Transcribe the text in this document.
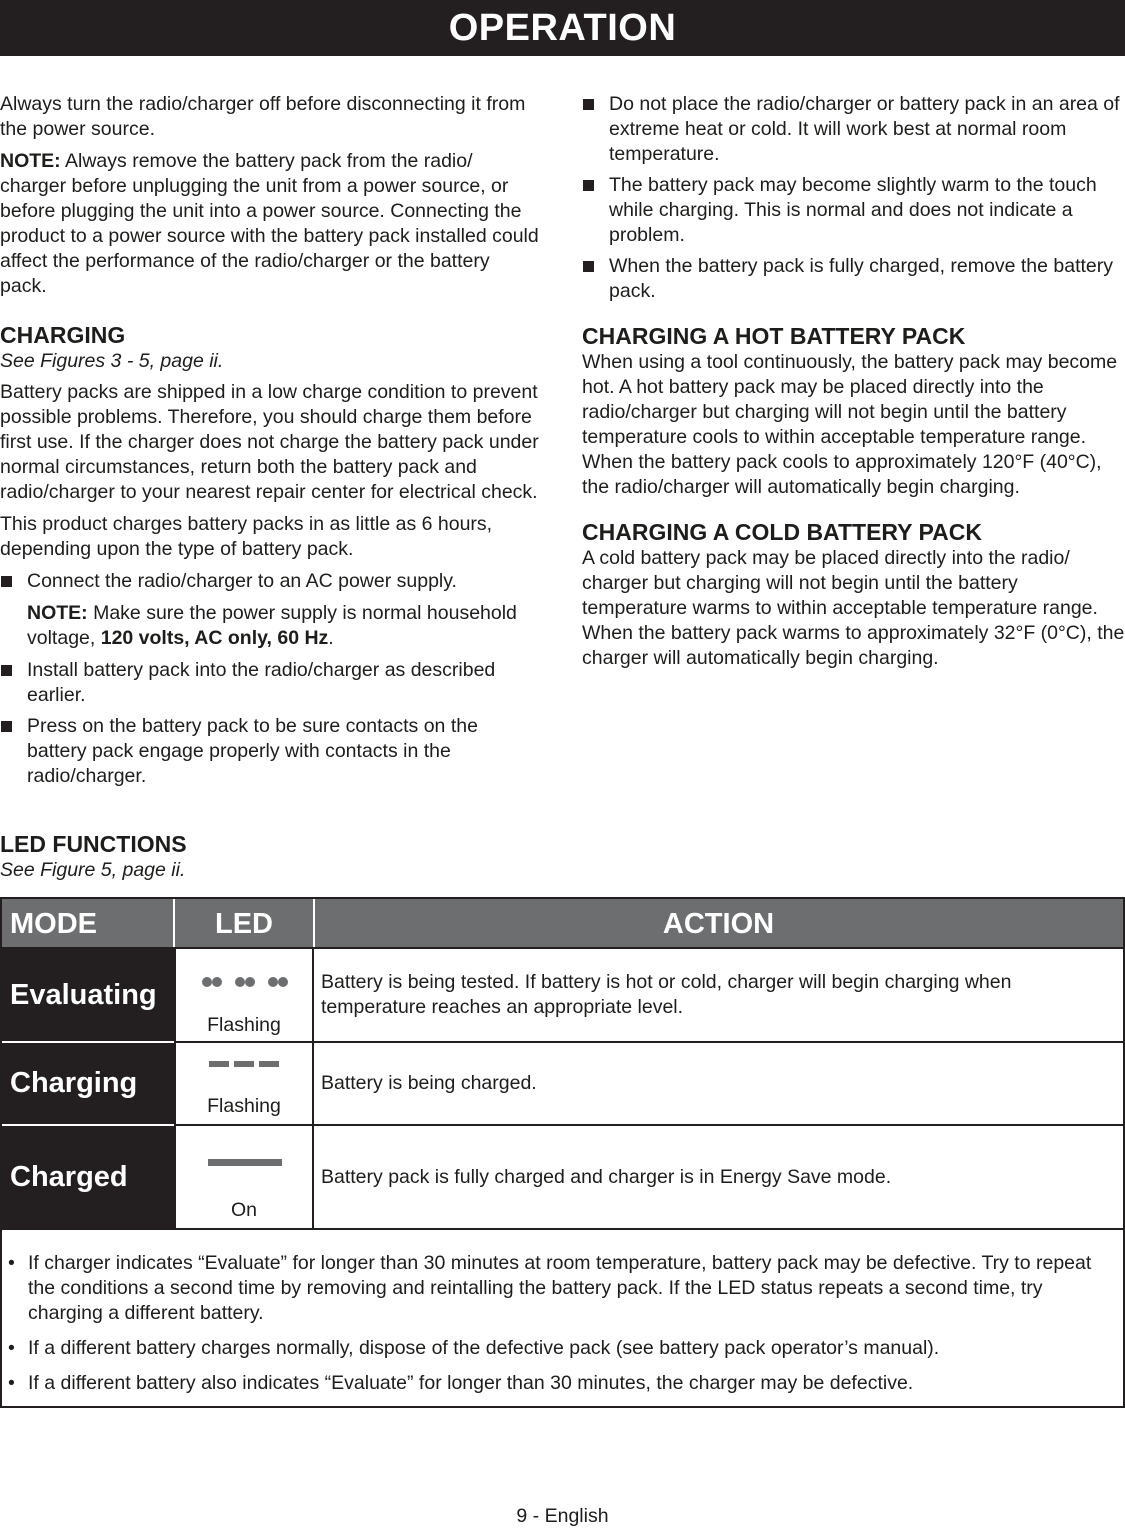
OPERATION

Always turn the radio/charger off before disconnecting it from the power source.

NOTE: Always remove the battery pack from the radio/ charger before unplugging the unit from a power source, or before plugging the unit into a power source. Connecting the product to a power source with the battery pack installed could affect the performance of the radio/charger or the battery pack.

CHARGING

See Figures 3 - 5, page ii.

Battery packs are shipped in a low charge condition to prevent possible problems. Therefore, you should charge them before first use. If the charger does not charge the battery pack under normal circumstances, return both the battery pack and radio/charger to your nearest repair center for electrical check.

This product charges battery packs in as little as 6 hours, depending upon the type of battery pack.

Connect the radio/charger to an AC power supply.

NOTE: Make sure the power supply is normal household voltage, 120 volts, AC only, 60 Hz.

Install battery pack into the radio/charger as described earlier.
Press on the battery pack to be sure contacts on the battery pack engage properly with contacts in the radio/charger.
Do not place the radio/charger or battery pack in an area of extreme heat or cold. It will work best at normal room temperature.
The battery pack may become slightly warm to the touch while charging. This is normal and does not indicate a problem.
When the battery pack is fully charged, remove the battery pack.
CHARGING A HOT BATTERY PACK

When using a tool continuously, the battery pack may become hot. A hot battery pack may be placed directly into the radio/charger but charging will not begin until the battery temperature cools to within acceptable temperature range. When the battery pack cools to approximately 120°F (40°C), the radio/charger will automatically begin charging.

CHARGING A COLD BATTERY PACK

A cold battery pack may be placed directly into the radio/ charger but charging will not begin until the battery temperature warms to within acceptable temperature range. When the battery pack warms to approximately 32°F (0°C), the charger will automatically begin charging.

LED FUNCTIONS

See Figure 5, page ii.

MODE	LED	ACTION
Evaluating
Flashing
Battery is being tested. If battery is hot or cold, charger will begin charging when temperature reaches an appropriate level.
Charging
Flashing
Battery is being charged.
Charged
On
Battery pack is fully charged and charger is in Energy Save mode.
• If charger indicates “Evaluate” for longer than 30 minutes at room temperature, battery pack may be defective. Try to repeat the conditions a second time by removing and reintalling the battery pack. If the LED status repeats a second time, try charging a different battery.
• If a different battery charges normally, dispose of the defective pack (see battery pack operator’s manual).
• If a different battery also indicates “Evaluate” for longer than 30 minutes, the charger may be defective.
9 - English
